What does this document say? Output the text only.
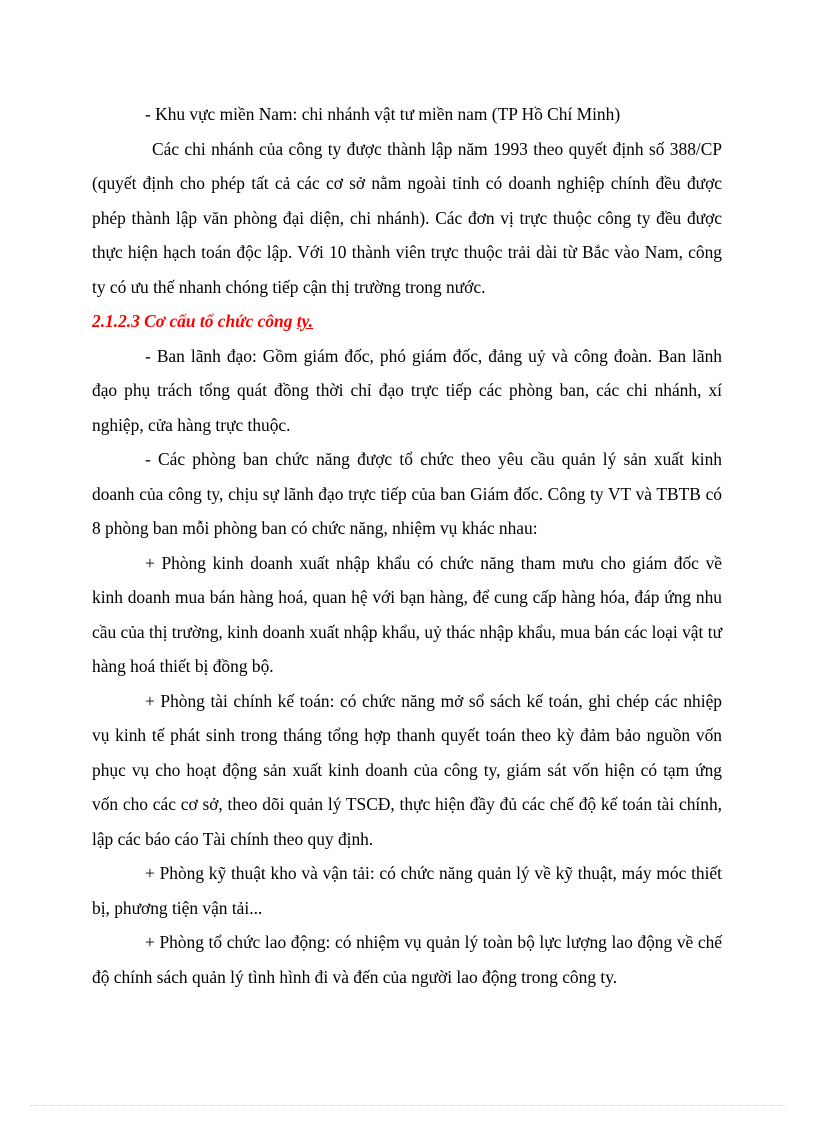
- Khu vực miền Nam: chi nhánh vật tư miền nam (TP Hồ Chí Minh)

Các chi nhánh của công ty được thành lập năm 1993 theo quyết định số 388/CP (quyết định cho phép tất cả các cơ sở nằm ngoài tỉnh có doanh nghiệp chính đều được phép thành lập văn phòng đại diện, chi nhánh). Các đơn vị trực thuộc công ty đều được thực hiện hạch toán độc lập. Với 10 thành viên trực thuộc trải dài từ Bắc vào Nam, công ty có ưu thế nhanh chóng tiếp cận thị trường trong nước.

2.1.2.3 Cơ cấu tổ chức công ty.

- Ban lãnh đạo: Gồm giám đốc, phó giám đốc, đảng uỷ và công đoàn. Ban lãnh đạo phụ trách tổng quát đồng thời chỉ đạo trực tiếp các phòng ban, các chi nhánh, xí nghiệp, cửa hàng trực thuộc.

- Các phòng ban chức năng được tổ chức theo yêu cầu quản lý sản xuất kinh doanh của công ty, chịu sự lãnh đạo trực tiếp của ban Giám đốc. Công ty VT và TBTB có 8 phòng ban mỗi phòng ban có chức năng, nhiệm vụ khác nhau:

+ Phòng kinh doanh xuất nhập khẩu có chức năng tham mưu cho giám đốc về kinh doanh mua bán hàng hoá, quan hệ với bạn hàng, để cung cấp hàng hóa, đáp ứng nhu cầu của thị trường, kinh doanh xuất nhập khẩu, uỷ thác nhập khẩu, mua bán các loại vật tư hàng hoá thiết bị đồng bộ.

+ Phòng tài chính kế toán: có chức năng mở sổ sách kế toán, ghi chép các nhiệp vụ kinh tế phát sinh trong tháng tổng hợp thanh quyết toán theo kỳ đảm bảo nguồn vốn phục vụ cho hoạt động sản xuất kinh doanh của công ty, giám sát vốn hiện có tạm ứng vốn cho các cơ sở, theo dõi quản lý TSCĐ, thực hiện đầy đủ các chế độ kế toán tài chính, lập các báo cáo Tài chính theo quy định.

+ Phòng kỹ thuật kho và vận tải: có chức năng quản lý về kỹ thuật, máy móc thiết bị, phương tiện vận tải...

+ Phòng tổ chức lao động: có nhiệm vụ quản lý toàn bộ lực lượng lao động về chế độ chính sách quản lý tình hình đi và đến của người lao động trong công ty.
